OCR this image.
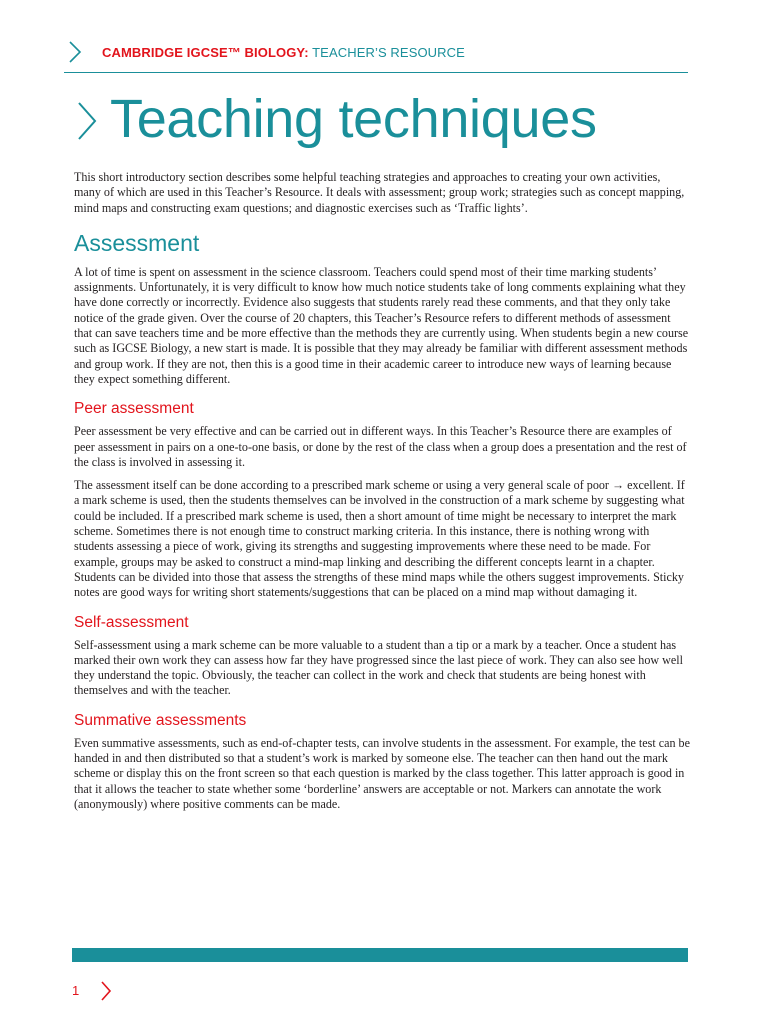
CAMBRIDGE IGCSE™ BIOLOGY: TEACHER’S RESOURCE
Teaching techniques

This short introductory section describes some helpful teaching strategies and approaches to creating your own activities, many of which are used in this Teacher’s Resource. It deals with assessment; group work; strategies such as concept mapping, mind maps and constructing exam questions; and diagnostic exercises such as ‘Traffic lights’.

Assessment

A lot of time is spent on assessment in the science classroom. Teachers could spend most of their time marking students’ assignments. Unfortunately, it is very difficult to know how much notice students take of long comments explaining what they have done correctly or incorrectly. Evidence also suggests that students rarely read these comments, and that they only take notice of the grade given. Over the course of 20 chapters, this Teacher’s Resource refers to different methods of assessment that can save teachers time and be more effective than the methods they are currently using. When students begin a new course such as IGCSE Biology, a new start is made. It is possible that they may already be familiar with different assessment methods and group work. If they are not, then this is a good time in their academic career to introduce new ways of learning because they expect something different.

Peer assessment

Peer assessment be very effective and can be carried out in different ways. In this Teacher’s Resource there are examples of peer assessment in pairs on a one-to-one basis, or done by the rest of the class when a group does a presentation and the rest of the class is involved in assessing it.

The assessment itself can be done according to a prescribed mark scheme or using a very general scale of poor → excellent. If a mark scheme is used, then the students themselves can be involved in the construction of a mark scheme by suggesting what could be included. If a prescribed mark scheme is used, then a short amount of time might be necessary to interpret the mark scheme. Sometimes there is not enough time to construct marking criteria. In this instance, there is nothing wrong with students assessing a piece of work, giving its strengths and suggesting improvements where these need to be made. For example, groups may be asked to construct a mind-map linking and describing the different concepts learnt in a chapter. Students can be divided into those that assess the strengths of these mind maps while the others suggest improvements. Sticky notes are good ways for writing short statements/suggestions that can be placed on a mind map without damaging it.

Self-assessment

Self-assessment using a mark scheme can be more valuable to a student than a tip or a mark by a teacher. Once a student has marked their own work they can assess how far they have progressed since the last piece of work. They can also see how well they understand the topic. Obviously, the teacher can collect in the work and check that students are being honest with themselves and with the teacher.

Summative assessments

Even summative assessments, such as end-of-chapter tests, can involve students in the assessment. For example, the test can be handed in and then distributed so that a student’s work is marked by someone else. The teacher can then hand out the mark scheme or display this on the front screen so that each question is marked by the class together. This latter approach is good in that it allows the teacher to state whether some ‘borderline’ answers are acceptable or not. Markers can annotate the work (anonymously) where positive comments can be made.

1
